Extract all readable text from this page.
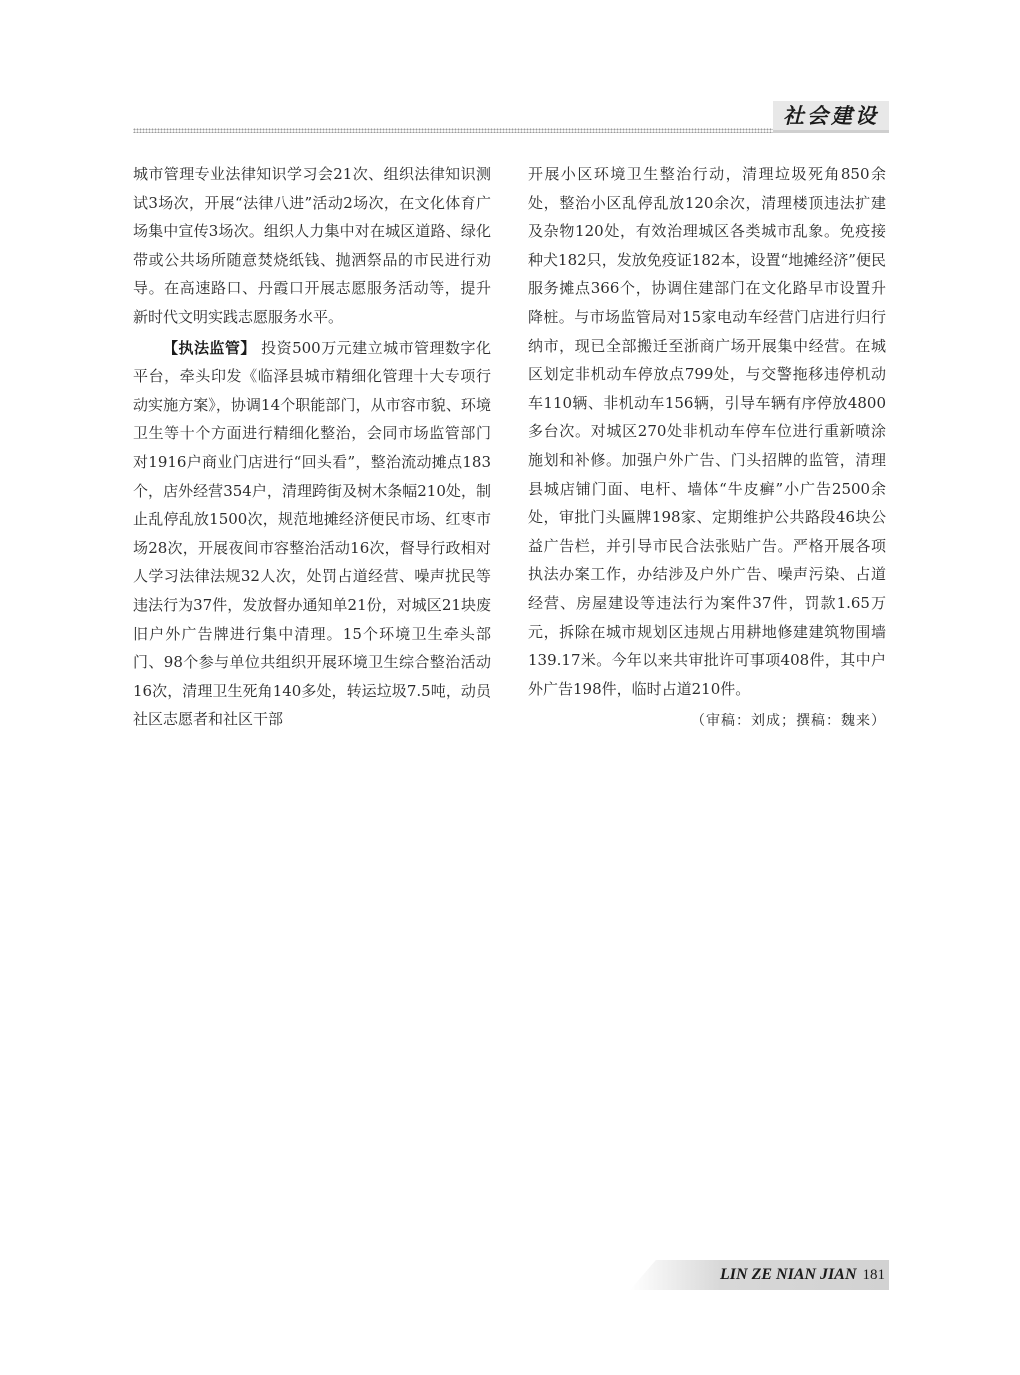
社会建设

城市管理专业法律知识学习会21次、组织法律知识测试3场次，开展“法律八进”活动2场次，在文化体育广场集中宣传3场次。组织人力集中对在城区道路、绿化带或公共场所随意焚烧纸钱、抛洒祭品的市民进行劝导。在高速路口、丹霞口开展志愿服务活动等，提升新时代文明实践志愿服务水平。

【执法监管】 投资500万元建立城市管理数字化平台，牵头印发《临泽县城市精细化管理十大专项行动实施方案》，协调14个职能部门，从市容市貌、环境卫生等十个方面进行精细化整治，会同市场监管部门对1916户商业门店进行“回头看”，整治流动摊点183个，店外经营354户，清理跨街及树木条幅210处，制止乱停乱放1500次，规范地摊经济便民市场、红枣市场28次，开展夜间市容整治活动16次，督导行政相对人学习法律法规32人次，处罚占道经营、噪声扰民等违法行为37件，发放督办通知单21份，对城区21块废旧户外广告牌进行集中清理。15个环境卫生牵头部门、98个参与单位共组织开展环境卫生综合整治活动16次，清理卫生死角140多处，转运垃圾7.5吨，动员社区志愿者和社区干部

开展小区环境卫生整治行动，清理垃圾死角850余处，整治小区乱停乱放120余次，清理楼顶违法扩建及杂物120处，有效治理城区各类城市乱象。免疫接种犬182只，发放免疫证182本，设置“地摊经济”便民服务摊点366个，协调住建部门在文化路早市设置升降桩。与市场监管局对15家电动车经营门店进行归行纳市，现已全部搬迁至浙商广场开展集中经营。在城区划定非机动车停放点799处，与交警拖移违停机动车110辆、非机动车156辆，引导车辆有序停放4800多台次。对城区270处非机动车停车位进行重新喷涂施划和补修。加强户外广告、门头招牌的监管，清理县城店铺门面、电杆、墙体“牛皮癣”小广告2500余处，审批门头匾牌198家、定期维护公共路段46块公益广告栏，并引导市民合法张贴广告。严格开展各项执法办案工作，办结涉及户外广告、噪声污染、占道经营、房屋建设等违法行为案件37件，罚款1.65万元，拆除在城市规划区违规占用耕地修建建筑物围墙139.17米。今年以来共审批许可事项408件，其中户外广告198件，临时占道210件。

（审稿：刘成；撰稿：魏来）
LIN ZE NIAN JIAN 181
